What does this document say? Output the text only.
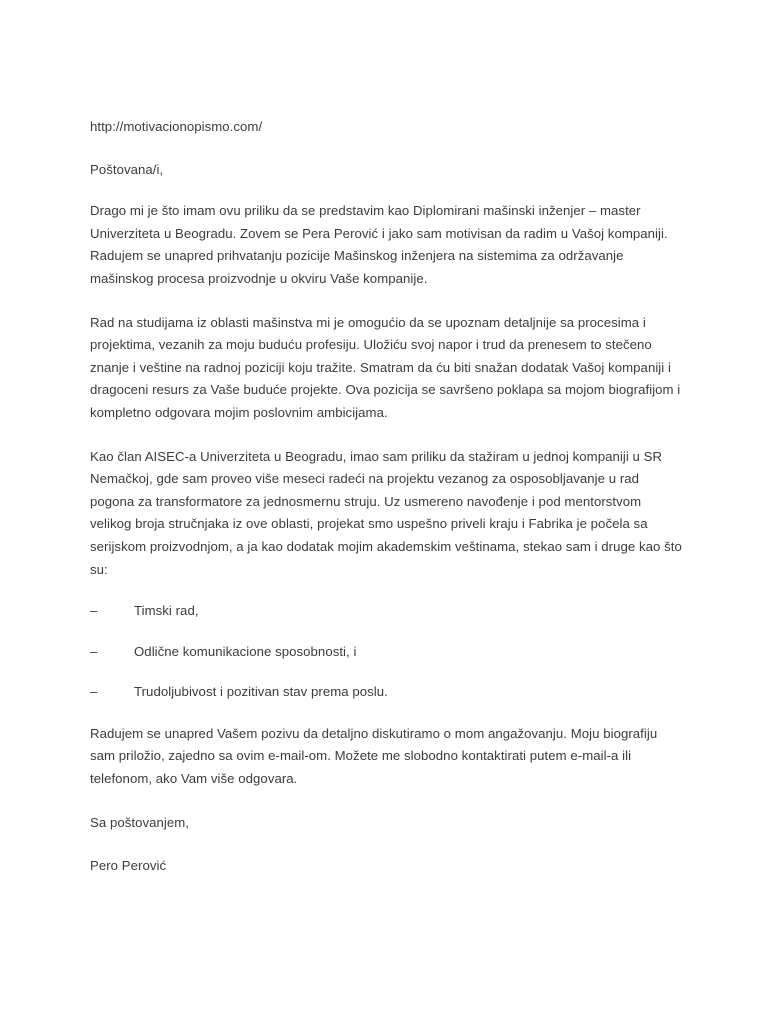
http://motivacionopismo.com/

Poštovana/i,

Drago mi je što imam ovu priliku da se predstavim kao Diplomirani mašinski inženjer – master
Univerziteta u Beogradu. Zovem se Pera Perović i jako sam motivisan da radim u Vašoj kompaniji.
Radujem se unapred prihvatanju pozicije Mašinskog inženjera na sistemima za održavanje
mašinskog procesa proizvodnje u okviru Vaše kompanije.

Rad na studijama iz oblasti mašinstva mi je omogućio da se upoznam detaljnije sa procesima i
projektima, vezanih za moju buduću profesiju. Uložiću svoj napor i trud da prenesem to stečeno
znanje i veštine na radnoj poziciji koju tražite. Smatram da ću biti snažan dodatak Vašoj kompaniji i
dragoceni resurs za Vaše buduće projekte. Ova pozicija se savršeno poklapa sa mojom biografijom i
kompletno odgovara mojim poslovnim ambicijama.

Kao član AISEC-a Univerziteta u Beogradu, imao sam priliku da stažiram u jednoj kompaniji u SR
Nemačkoj, gde sam proveo više meseci radeći na projektu vezanog za osposobljavanje u rad
pogona za transformatore za jednosmernu struju. Uz usmereno navođenje i pod mentorstvom
velikog broja stručnjaka iz ove oblasti, projekat smo uspešno priveli kraju i Fabrika je počela sa
serijskom proizvodnjom, a ja kao dodatak mojim akademskim veštinama, stekao sam i druge kao što
su:

–	Timski rad,
–	Odlične komunikacione sposobnosti, i
–	Trudoljubivost i pozitivan stav prema poslu.

Radujem se unapred Vašem pozivu da detaljno diskutiramo o mom angažovanju. Moju biografiju
sam priložio, zajedno sa ovim e-mail-om. Možete me slobodno kontaktirati putem e-mail-a ili
telefonom, ako Vam više odgovara.

Sa poštovanjem,

Pero Perović
